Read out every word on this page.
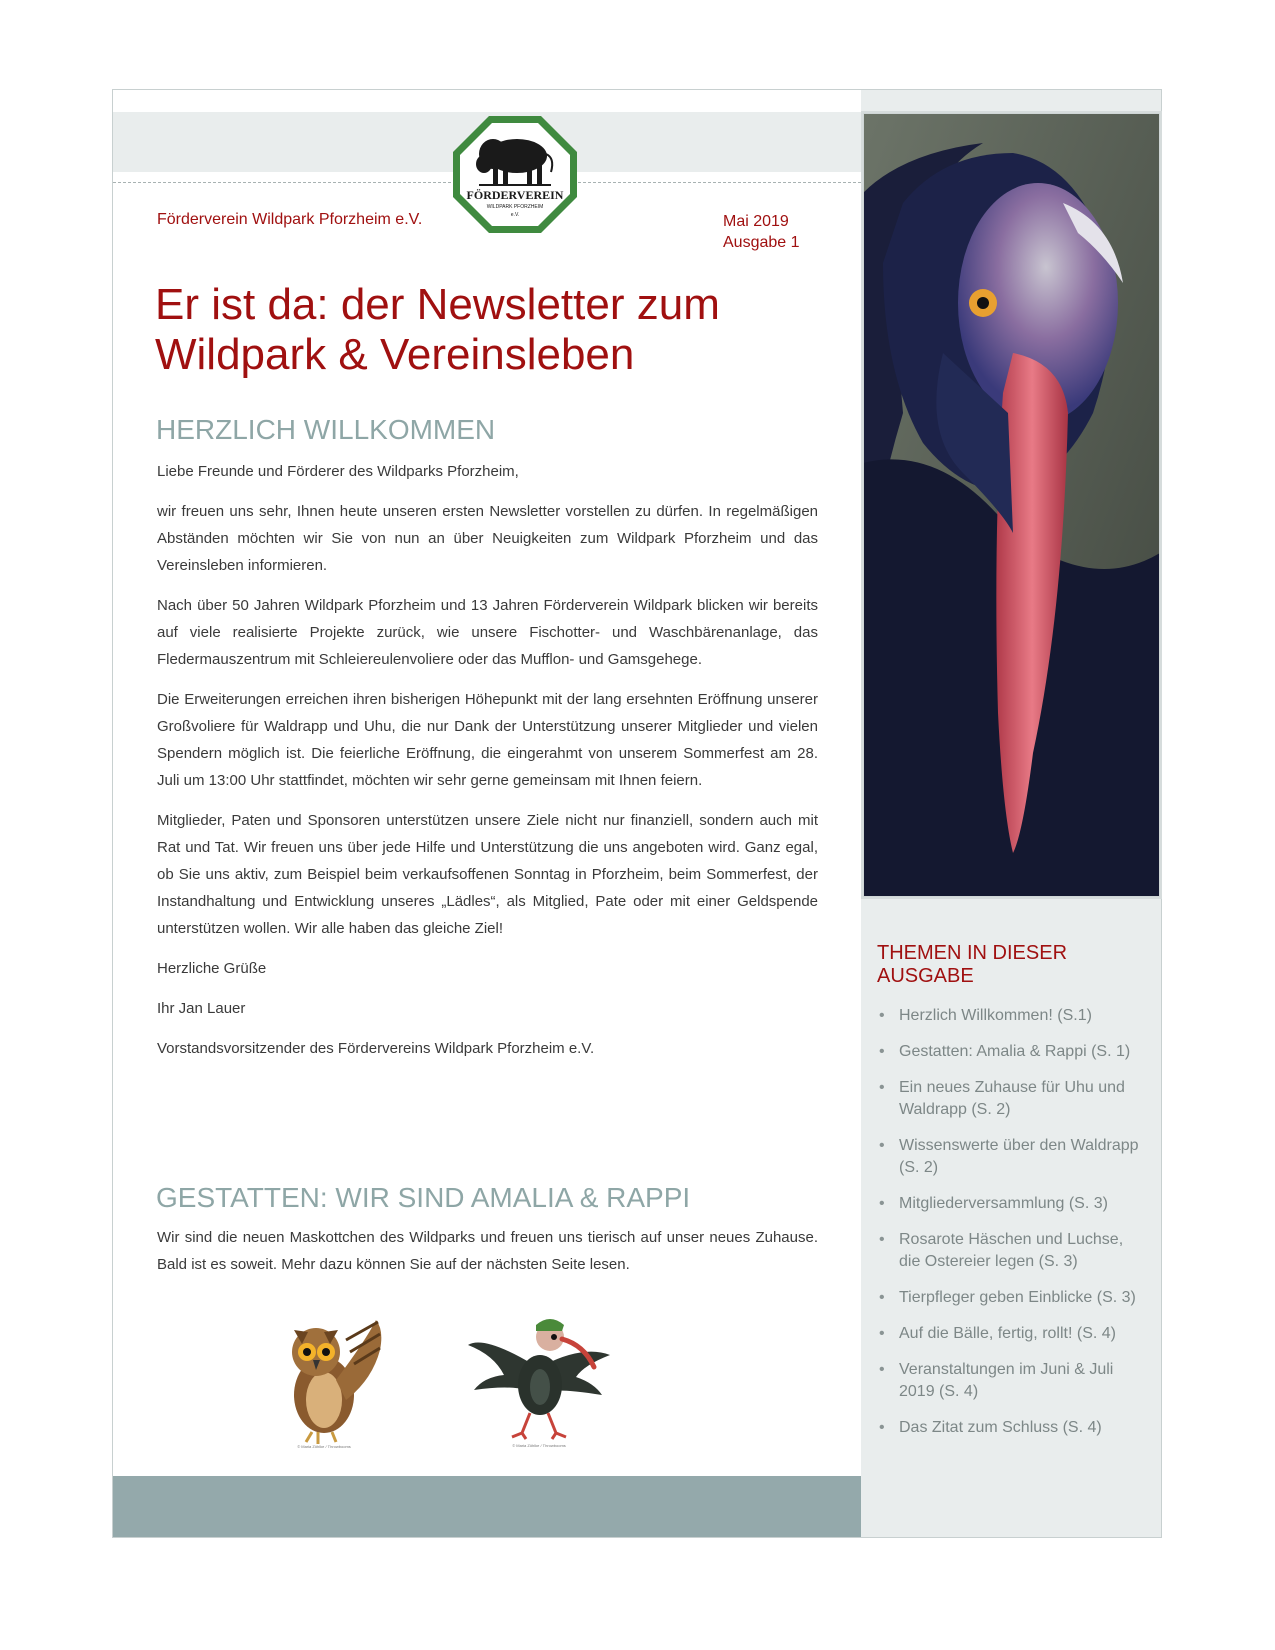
FÖRDERVEREIN
WILDPARK PFORZHEIM
e.V.
Förderverein Wildpark Pforzheim e.V.	Mai 2019
Ausgabe 1
Er ist da: der Newsletter zum Wildpark & Vereinsleben
HERZLICH WILLKOMMEN

Liebe Freunde und Förderer des Wildparks Pforzheim,

wir freuen uns sehr, Ihnen heute unseren ersten Newsletter vorstellen zu dürfen. In regelmäßigen Abständen möchten wir Sie von nun an über Neuigkeiten zum Wildpark Pforzheim und das Vereinsleben informieren.

Nach über 50 Jahren Wildpark Pforzheim und 13 Jahren Förderverein Wildpark blicken wir bereits auf viele realisierte Projekte zurück, wie unsere Fischotter- und Waschbärenanlage, das Fledermauszentrum mit Schleiereulenvoliere oder das Mufflon- und Gamsgehege.

Die Erweiterungen erreichen ihren bisherigen Höhepunkt mit der lang ersehnten Eröffnung unserer Großvoliere für Waldrapp und Uhu, die nur Dank der Unterstützung unserer Mitglieder und vielen Spendern möglich ist. Die feierliche Eröffnung, die eingerahmt von unserem Sommerfest am 28. Juli um 13:00 Uhr stattfindet, möchten wir sehr gerne gemeinsam mit Ihnen feiern.

Mitglieder, Paten und Sponsoren unterstützen unsere Ziele nicht nur finanziell, sondern auch mit Rat und Tat. Wir freuen uns über jede Hilfe und Unterstützung die uns angeboten wird. Ganz egal, ob Sie uns aktiv, zum Beispiel beim verkaufsoffenen Sonntag in Pforzheim, beim Sommerfest, der Instandhaltung und Entwicklung unseres „Lädles“, als Mitglied, Pate oder mit einer Geldspende unterstützen wollen. Wir alle haben das gleiche Ziel!

Herzliche Grüße

Ihr Jan Lauer

Vorstandsvorsitzender des Fördervereins Wildpark Pforzheim e.V.

GESTATTEN: WIR SIND AMALIA & RAPPI

Wir sind die neuen Maskottchen des Wildparks und freuen uns tierisch auf unser neues Zuhause. Bald ist es soweit. Mehr dazu können Sie auf der nächsten Seite lesen.

© Maria Zöhlke / Throwbooms	© Maria Zöhlke / Throwbooms
THEMEN IN DIESER AUSGABE
• Herzlich Willkommen! (S.1)
• Gestatten: Amalia & Rappi (S. 1)
• Ein neues Zuhause für Uhu und Waldrapp (S. 2)
• Wissenswerte über den Waldrapp (S. 2)
• Mitgliederversammlung (S. 3)
• Rosarote Häschen und Luchse, die Ostereier legen (S. 3)
• Tierpfleger geben Einblicke (S. 3)
• Auf die Bälle, fertig, rollt! (S. 4)
• Veranstaltungen im Juni & Juli 2019 (S. 4)
• Das Zitat zum Schluss (S. 4)
